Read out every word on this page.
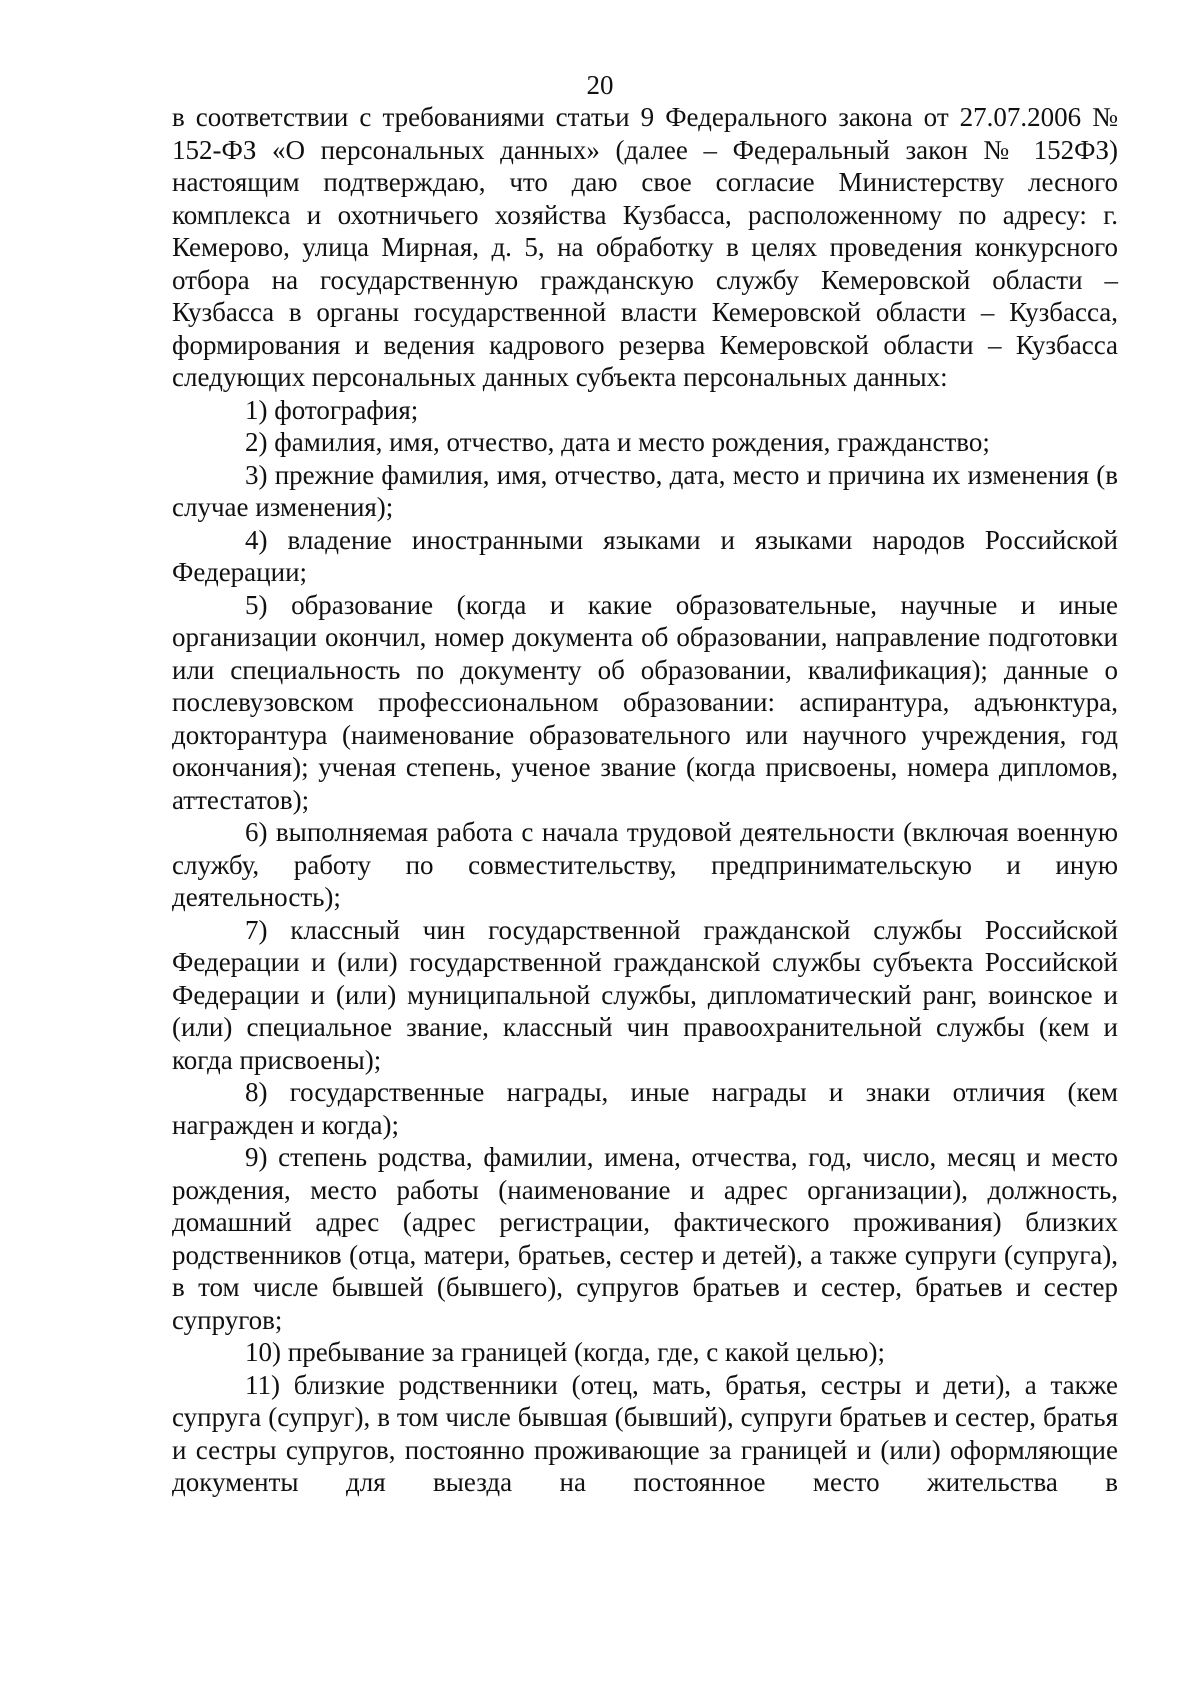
20

в соответствии с требованиями статьи 9 Федерального закона от 27.07.2006 № 152-ФЗ «О персональных данных» (далее – Федеральный закон № 152ФЗ) настоящим подтверждаю, что даю свое согласие Министерству лесного комплекса и охотничьего хозяйства Кузбасса, расположенному по адресу: г. Кемерово, улица Мирная, д. 5, на обработку в целях проведения конкурсного отбора на государственную гражданскую службу Кемеровской области – Кузбасса в органы государственной власти Кемеровской области – Кузбасса, формирования и ведения кадрового резерва Кемеровской области – Кузбасса следующих персональных данных субъекта персональных данных:

1) фотография;

2) фамилия, имя, отчество, дата и место рождения, гражданство;

3) прежние фамилия, имя, отчество, дата, место и причина их изменения (в случае изменения);

4) владение иностранными языками и языками народов Российской Федерации;

5) образование (когда и какие образовательные, научные и иные организации окончил, номер документа об образовании, направление подготовки или специальность по документу об образовании, квалификация); данные о послевузовском профессиональном образовании: аспирантура, адъюнктура, докторантура (наименование образовательного или научного учреждения, год окончания); ученая степень, ученое звание (когда присвоены, номера дипломов, аттестатов);

6) выполняемая работа с начала трудовой деятельности (включая военную службу, работу по совместительству, предпринимательскую и иную деятельность);

7) классный чин государственной гражданской службы Российской Федерации и (или) государственной гражданской службы субъекта Российской Федерации и (или) муниципальной службы, дипломатический ранг, воинское и (или) специальное звание, классный чин правоохранительной службы (кем и когда присвоены);

8) государственные награды, иные награды и знаки отличия (кем награжден и когда);

9) степень родства, фамилии, имена, отчества, год, число, месяц и место рождения, место работы (наименование и адрес организации), должность, домашний адрес (адрес регистрации, фактического проживания) близких родственников (отца, матери, братьев, сестер и детей), а также супруги (супруга), в том числе бывшей (бывшего), супругов братьев и сестер, братьев и сестер супругов;

10) пребывание за границей (когда, где, с какой целью);

11) близкие родственники (отец, мать, братья, сестры и дети), а также супруга (супруг), в том числе бывшая (бывший), супруги братьев и сестер, братья и сестры супругов, постоянно проживающие за границей и (или) оформляющие документы для выезда на постоянное место жительства в
